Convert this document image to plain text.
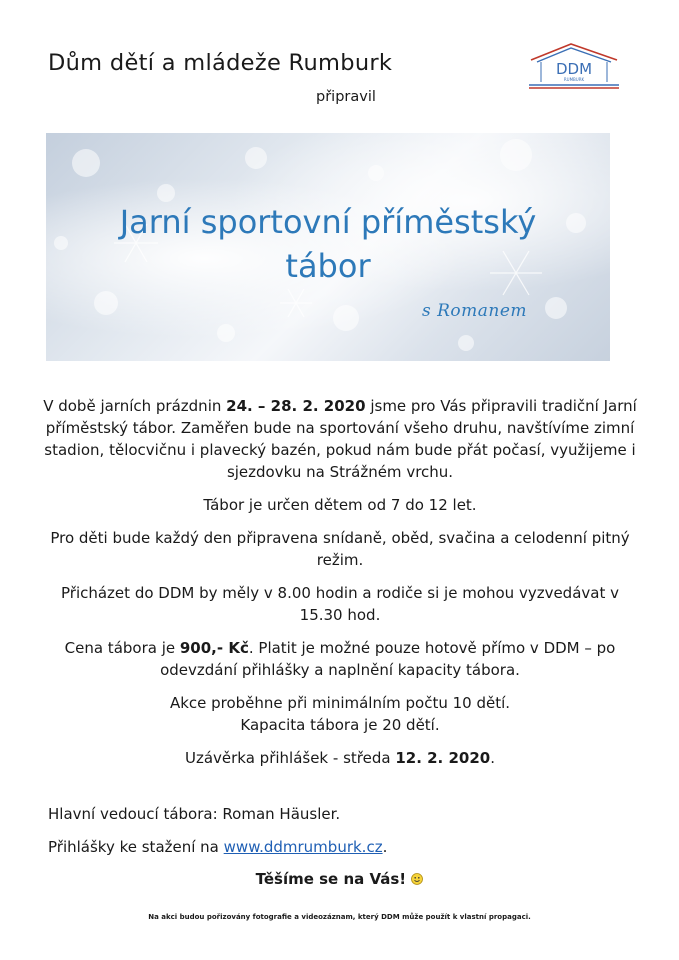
Dům dětí a mládeže Rumburk
připravil
DDM
RUMBURK
Jarní sportovní příměstský
tábor
s Romanem

V době jarních prázdnin 24. – 28. 2. 2020 jsme pro Vás připravili tradiční Jarní příměstský tábor. Zaměřen bude na sportování všeho druhu, navštívíme zimní stadion, tělocvičnu i plavecký bazén, pokud nám bude přát počasí, využijeme i sjezdovku na Strážném vrchu.

Tábor je určen dětem od 7 do 12 let.

Pro děti bude každý den připravena snídaně, oběd, svačina a celodenní pitný režim.

Přicházet do DDM by měly v 8.00 hodin a rodiče si je mohou vyzvedávat v 15.30 hod.

Cena tábora je 900,- Kč. Platit je možné pouze hotově přímo v DDM – po odevzdání přihlášky a naplnění kapacity tábora.

Akce proběhne při minimálním počtu 10 dětí.
Kapacita tábora je 20 dětí.

Uzávěrka přihlášek - středa 12. 2. 2020.

Hlavní vedoucí tábora: Roman Häusler.

Přihlášky ke stažení na www.ddmrumburk.cz.

Těšíme se na Vás!
Na akci budou pořizovány fotografie a videozáznam, který DDM může použít k vlastní propagaci.
